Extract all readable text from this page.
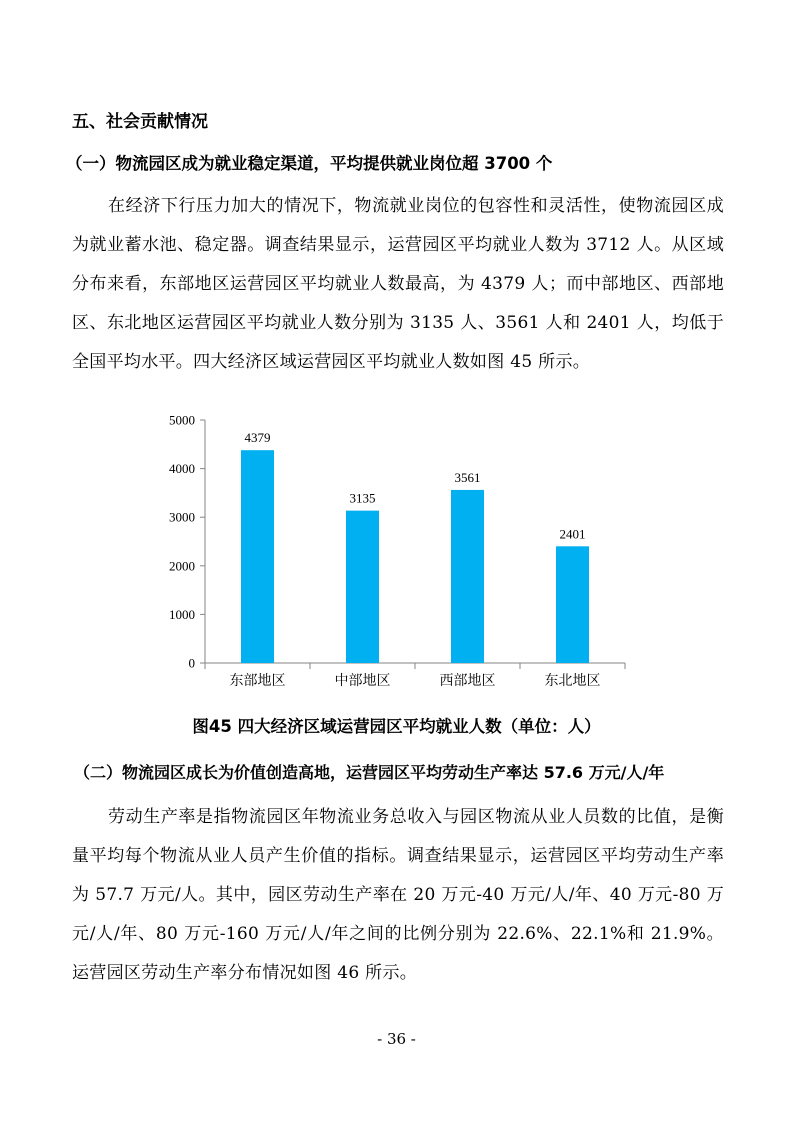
五、社会贡献情况
（一）物流园区成为就业稳定渠道，平均提供就业岗位超 3700 个
在经济下行压力加大的情况下，物流就业岗位的包容性和灵活性，使物流园区成为就业蓄水池、稳定器。调查结果显示，运营园区平均就业人数为 3712 人。从区域分布来看，东部地区运营园区平均就业人数最高，为 4379 人；而中部地区、西部地区、东北地区运营园区平均就业人数分别为 3135 人、3561 人和 2401 人，均低于全国平均水平。四大经济区域运营园区平均就业人数如图 45 所示。
0
1000
2000
3000
4000
5000
4379
东部地区
3135
中部地区
3561
西部地区
2401
东北地区
图45 四大经济区域运营园区平均就业人数（单位：人）
（二）物流园区成长为价值创造高地，运营园区平均劳动生产率达 57.6 万元/人/年
劳动生产率是指物流园区年物流业务总收入与园区物流从业人员数的比值，是衡量平均每个物流从业人员产生价值的指标。调查结果显示，运营园区平均劳动生产率为 57.7 万元/人。其中，园区劳动生产率在 20 万元-40 万元/人/年、40 万元-80 万元/人/年、80 万元-160 万元/人/年之间的比例分别为 22.6%、22.1%和 21.9%。运营园区劳动生产率分布情况如图 46 所示。
- 36 -
